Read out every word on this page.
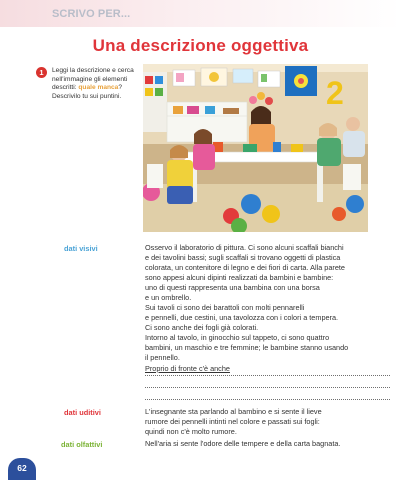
SCRIVO PER...
Una descrizione oggettiva
1	Leggi la descrizione e cerca
nell'immagine gli elementi
descritti: quale manca?
Descrivilo tu sui puntini.	2
dati visivi	Osservo il laboratorio di pittura. Ci sono alcuni scaffali bianchi
e dei tavolini bassi; sugli scaffali si trovano oggetti di plastica
colorata, un contenitore di legno e dei fiori di carta. Alla parete
sono appesi alcuni dipinti realizzati da bambini e bambine:
uno di questi rappresenta una bambina con una borsa
e un ombrello.
Sui tavoli ci sono dei barattoli con molti pennarelli
e pennelli, due cestini, una tavolozza con i colori a tempera.
Ci sono anche dei fogli già colorati.
Intorno al tavolo, in ginocchio sul tappeto, ci sono quattro
bambini, un maschio e tre femmine; le bambine stanno usando
il pennello.
Proprio di fronte c'è anche
dati uditivi	L'insegnante sta parlando al bambino e si sente il lieve
rumore dei pennelli intinti nel colore e passati sui fogli:
quindi non c'è molto rumore.
dati olfattivi	Nell'aria si sente l'odore delle tempere e della carta bagnata.
62
